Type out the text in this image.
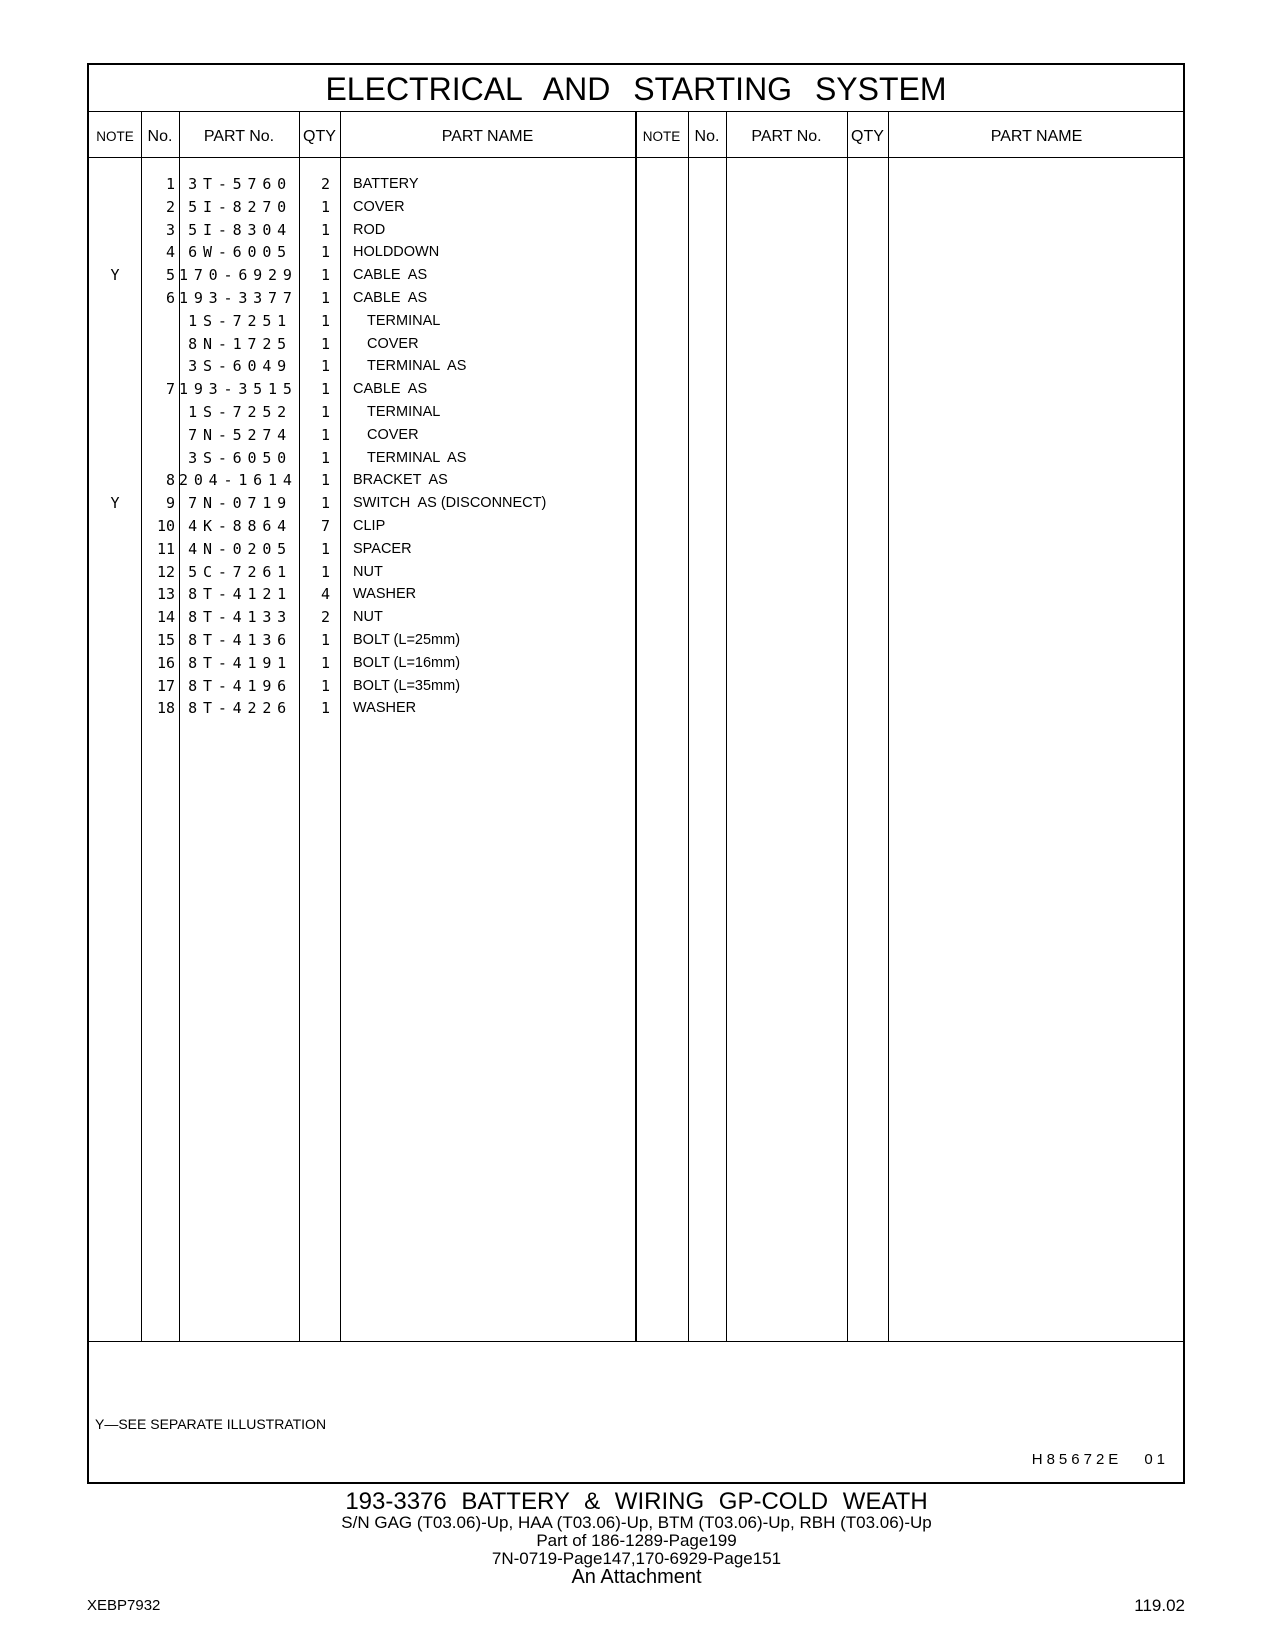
ELECTRICAL AND STARTING SYSTEM
NOTE No.	PART No.	QTY	PART NAME	NOTE No.	PART No.	QTY	PART NAME
1 3T-5760	2 BATTERY
2 5I-8270	1 COVER
3 5I-8304	1 ROD
4 6W-6005	1 HOLDDOWN
Y	5 170-6929	1 CABLE  AS
6 193-3377	1 CABLE  AS
1S-7251	1	TERMINAL
8N-1725	1	COVER
3S-6049	1	TERMINAL  AS
7 193-3515	1 CABLE  AS
1S-7252	1	TERMINAL
7N-5274	1	COVER
3S-6050	1	TERMINAL  AS
8 204-1614	1 BRACKET  AS
Y	9 7N-0719	1 SWITCH  AS (DISCONNECT)
10 4K-8864	7 CLIP
11 4N-0205	1 SPACER
12 5C-7261	1 NUT
13 8T-4121	4 WASHER
14 8T-4133	2 NUT
15 8T-4136	1 BOLT (L=25mm)
16 8T-4191	1 BOLT (L=16mm)
17 8T-4196	1 BOLT (L=35mm)
18 8T-4226	1 WASHER
Y—SEE SEPARATE ILLUSTRATION
H85672E 01
193-3376 BATTERY & WIRING GP-COLD WEATH
S/N GAG (T03.06)-Up, HAA (T03.06)-Up, BTM (T03.06)-Up, RBH (T03.06)-Up
Part of 186-1289-Page199
7N-0719-Page147,170-6929-Page151
An Attachment
XEBP7932	119.02
